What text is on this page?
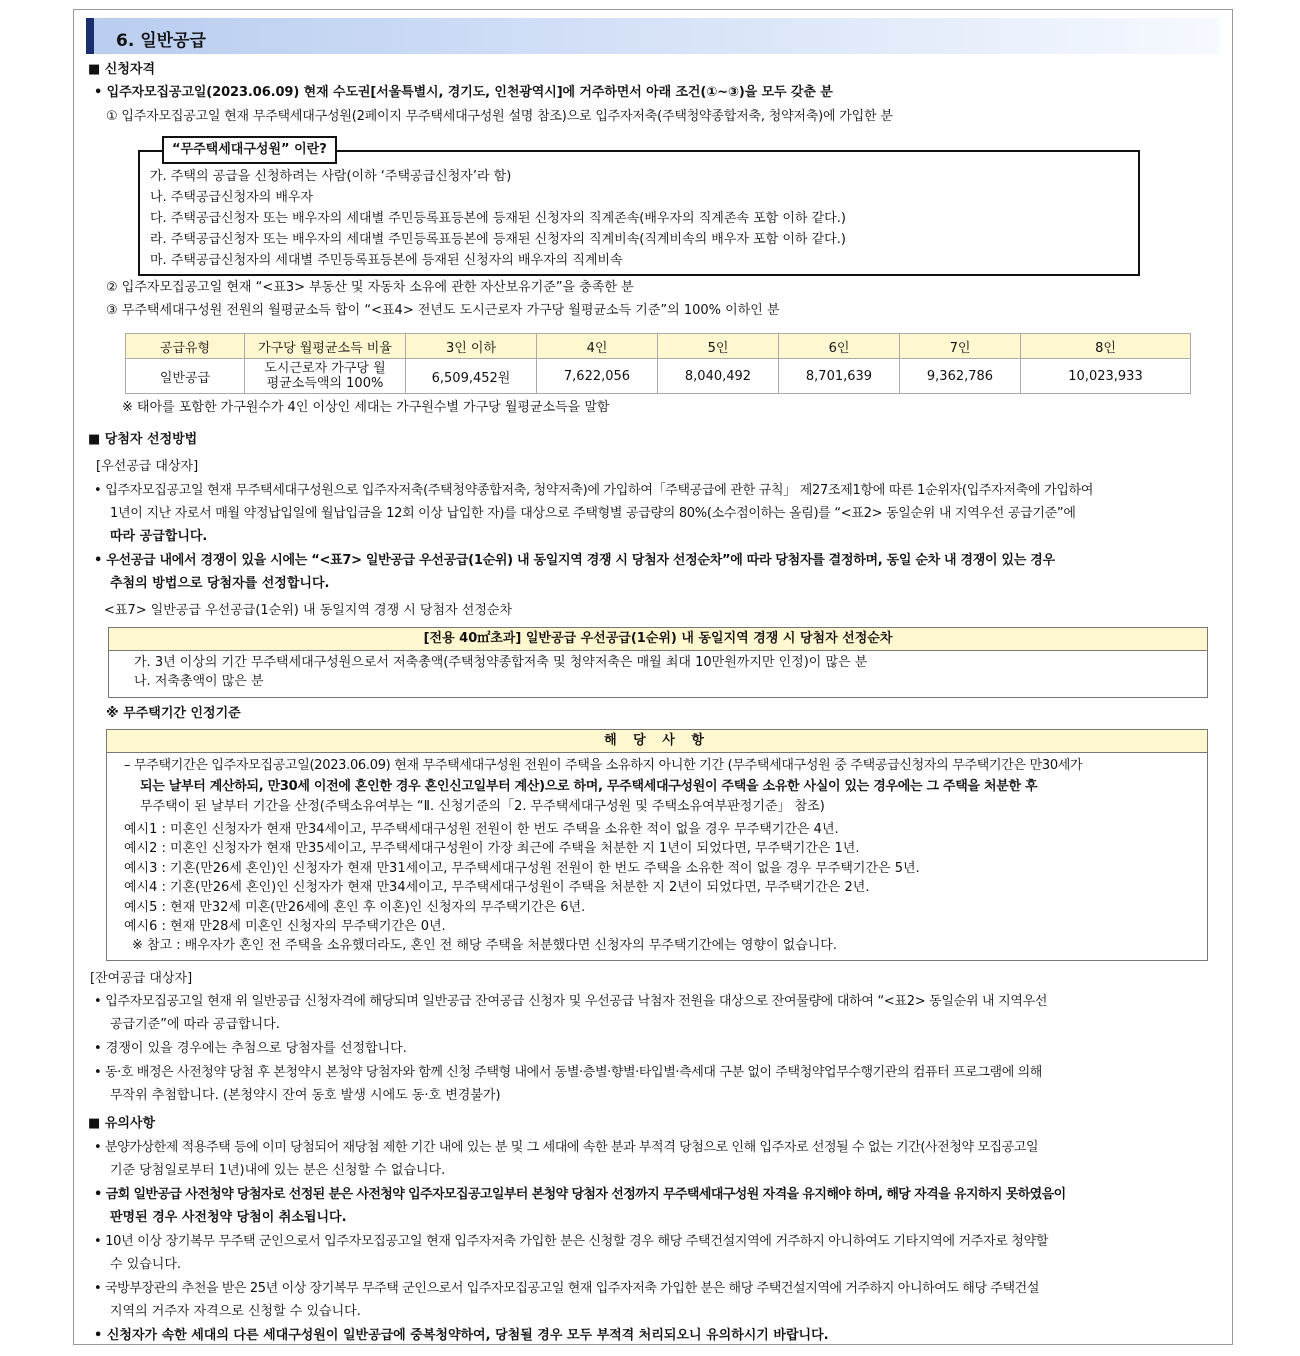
6. 일반공급
■ 신청자격
• 입주자모집공고일(2023.06.09) 현재 수도권[서울특별시, 경기도, 인천광역시]에 거주하면서 아래 조건(①~③)을 모두 갖춘 분
① 입주자모집공고일 현재 무주택세대구성원(2페이지 무주택세대구성원 설명 참조)으로 입주자저축(주택청약종합저축, 청약저축)에 가입한 분
“무주택세대구성원” 이란?
가. 주택의 공급을 신청하려는 사람(이하 ‘주택공급신청자’라 함)
나. 주택공급신청자의 배우자
다. 주택공급신청자 또는 배우자의 세대별 주민등록표등본에 등재된 신청자의 직계존속(배우자의 직계존속 포함 이하 같다.)
라. 주택공급신청자 또는 배우자의 세대별 주민등록표등본에 등재된 신청자의 직계비속(직계비속의 배우자 포함 이하 같다.)
마. 주택공급신청자의 세대별 주민등록표등본에 등재된 신청자의 배우자의 직계비속
② 입주자모집공고일 현재 “<표3> 부동산 및 자동차 소유에 관한 자산보유기준”을 충족한 분
③ 무주택세대구성원 전원의 월평균소득 합이 “<표4> 전년도 도시근로자 가구당 월평균소득 기준”의 100% 이하인 분
공급유형	가구당 월평균소득 비율	3인 이하	4인	5인	6인	7인	8인
일반공급	도시근로자 가구당 월평균소득액의 100%	6,509,452원	7,622,056	8,040,492	8,701,639	9,362,786	10,023,933
※ 태아를 포함한 가구원수가 4인 이상인 세대는 가구원수별 가구당 월평균소득을 말함
■ 당첨자 선정방법
[우선공급 대상자]
• 입주자모집공고일 현재 무주택세대구성원으로 입주자저축(주택청약종합저축, 청약저축)에 가입하여「주택공급에 관한 규칙」 제27조제1항에 따른 1순위자(입주자저축에 가입하여
1년이 지난 자로서 매월 약정납입일에 월납입금을 12회 이상 납입한 자)를 대상으로 주택형별 공급량의 80%(소수점이하는 올림)를 “<표2> 동일순위 내 지역우선 공급기준”에
따라 공급합니다.
• 우선공급 내에서 경쟁이 있을 시에는 “<표7> 일반공급 우선공급(1순위) 내 동일지역 경쟁 시 당첨자 선정순차”에 따라 당첨자를 결정하며, 동일 순차 내 경쟁이 있는 경우
추첨의 방법으로 당첨자를 선정합니다.
<표7> 일반공급 우선공급(1순위) 내 동일지역 경쟁 시 당첨자 선정순차
[전용 40㎡초과] 일반공급 우선공급(1순위) 내 동일지역 경쟁 시 당첨자 선정순차
가. 3년 이상의 기간 무주택세대구성원으로서 저축총액(주택청약종합저축 및 청약저축은 매월 최대 10만원까지만 인정)이 많은 분
나. 저축총액이 많은 분
※ 무주택기간 인정기준
해 당 사 항
– 무주택기간은 입주자모집공고일(2023.06.09) 현재 무주택세대구성원 전원이 주택을 소유하지 아니한 기간 (무주택세대구성원 중 주택공급신청자의 무주택기간은 만30세가
되는 날부터 계산하되, 만30세 이전에 혼인한 경우 혼인신고일부터 계산)으로 하며, 무주택세대구성원이 주택을 소유한 사실이 있는 경우에는 그 주택을 처분한 후
무주택이 된 날부터 기간을 산정(주택소유여부는 “Ⅱ. 신청기준의「2. 무주택세대구성원 및 주택소유여부판정기준」 참조)
예시1 : 미혼인 신청자가 현재 만34세이고, 무주택세대구성원 전원이 한 번도 주택을 소유한 적이 없을 경우 무주택기간은 4년.
예시2 : 미혼인 신청자가 현재 만35세이고, 무주택세대구성원이 가장 최근에 주택을 처분한 지 1년이 되었다면, 무주택기간은 1년.
예시3 : 기혼(만26세 혼인)인 신청자가 현재 만31세이고, 무주택세대구성원 전원이 한 번도 주택을 소유한 적이 없을 경우 무주택기간은 5년.
예시4 : 기혼(만26세 혼인)인 신청자가 현재 만34세이고, 무주택세대구성원이 주택을 처분한 지 2년이 되었다면, 무주택기간은 2년.
예시5 : 현재 만32세 미혼(만26세에 혼인 후 이혼)인 신청자의 무주택기간은 6년.
예시6 : 현재 만28세 미혼인 신청자의 무주택기간은 0년.
※ 참고 : 배우자가 혼인 전 주택을 소유했더라도, 혼인 전 해당 주택을 처분했다면 신청자의 무주택기간에는 영향이 없습니다.
[잔여공급 대상자]
• 입주자모집공고일 현재 위 일반공급 신청자격에 해당되며 일반공급 잔여공급 신청자 및 우선공급 낙첨자 전원을 대상으로 잔여물량에 대하여 “<표2> 동일순위 내 지역우선
공급기준”에 따라 공급합니다.
• 경쟁이 있을 경우에는 추첨으로 당첨자를 선정합니다.
• 동·호 배정은 사전청약 당첨 후 본청약시 본청약 당첨자와 함께 신청 주택형 내에서 동별·층별·향별·타입별·측세대 구분 없이 주택청약업무수행기관의 컴퓨터 프로그램에 의해
무작위 추첨합니다. (본청약시 잔여 동호 발생 시에도 동·호 변경불가)
■ 유의사항
• 분양가상한제 적용주택 등에 이미 당첨되어 재당첨 제한 기간 내에 있는 분 및 그 세대에 속한 분과 부적격 당첨으로 인해 입주자로 선정될 수 없는 기간(사전청약 모집공고일
기준 당첨일로부터 1년)내에 있는 분은 신청할 수 없습니다.
• 금회 일반공급 사전청약 당첨자로 선정된 분은 사전청약 입주자모집공고일부터 본청약 당첨자 선정까지 무주택세대구성원 자격을 유지해야 하며, 해당 자격을 유지하지 못하였음이
판명된 경우 사전청약 당첨이 취소됩니다.
• 10년 이상 장기복무 무주택 군인으로서 입주자모집공고일 현재 입주자저축 가입한 분은 신청할 경우 해당 주택건설지역에 거주하지 아니하여도 기타지역에 거주자로 청약할
수 있습니다.
• 국방부장관의 추천을 받은 25년 이상 장기복무 무주택 군인으로서 입주자모집공고일 현재 입주자저축 가입한 분은 해당 주택건설지역에 거주하지 아니하여도 해당 주택건설
지역의 거주자 자격으로 신청할 수 있습니다.
• 신청자가 속한 세대의 다른 세대구성원이 일반공급에 중복청약하여, 당첨될 경우 모두 부적격 처리되오니 유의하시기 바랍니다.
